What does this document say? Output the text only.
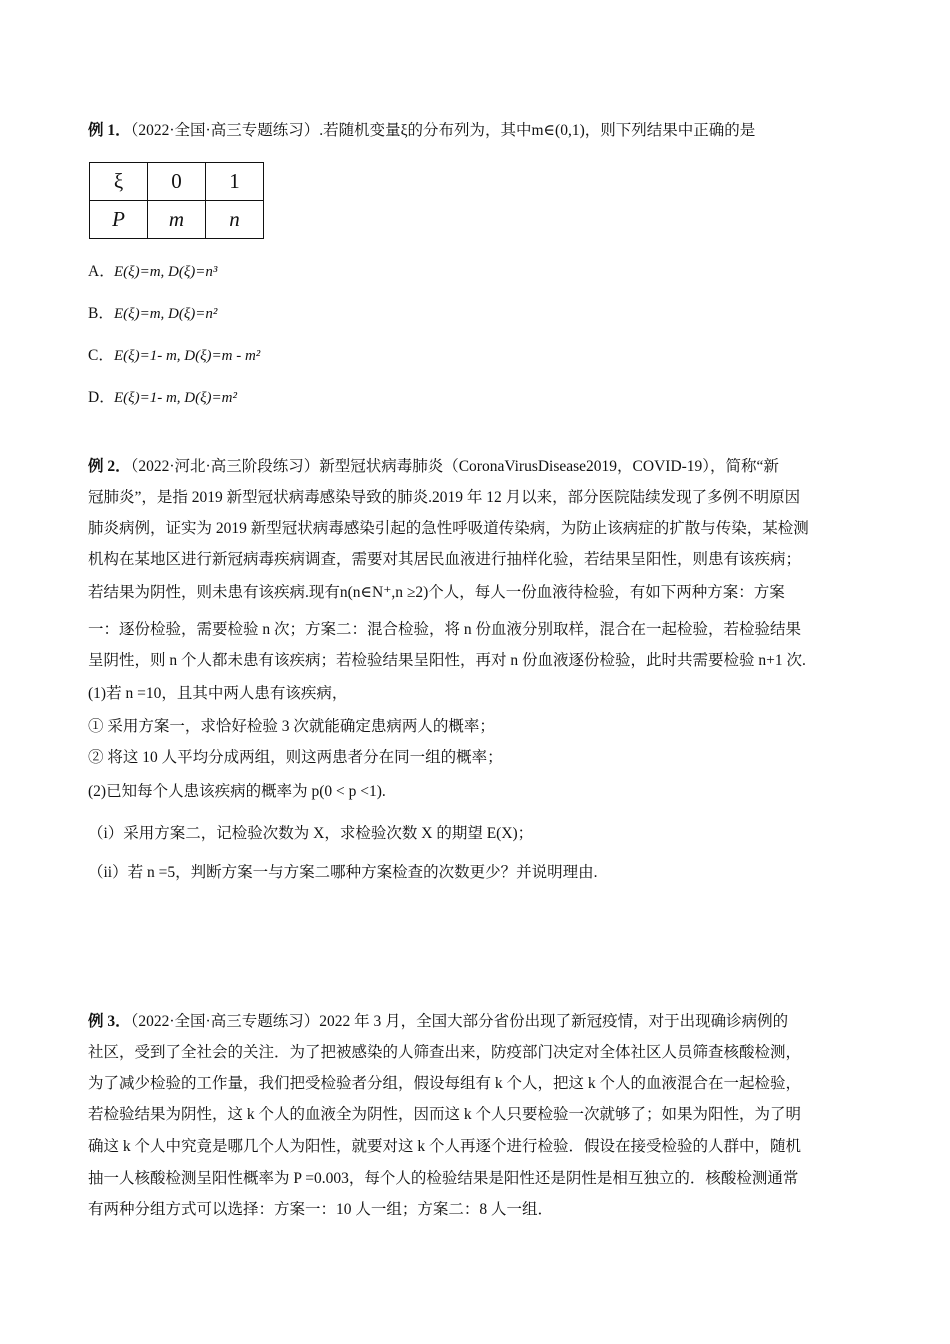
例 1．（2022·全国·高三专题练习）.若随机变量ξ的分布列为，其中m∈(0,1)，则下列结果中正确的是
ξ	0	1
P	m	n
A．E(ξ)=m, D(ξ)=n³
B．E(ξ)=m, D(ξ)=n²
C．E(ξ)=1- m, D(ξ)=m - m²
D．E(ξ)=1- m, D(ξ)=m²
例 2．（2022·河北·高三阶段练习）新型冠状病毒肺炎（CoronaVirusDisease2019，COVID-19），简称“新
冠肺炎”，是指 2019 新型冠状病毒感染导致的肺炎.2019 年 12 月以来，部分医院陆续发现了多例不明原因
肺炎病例，证实为 2019 新型冠状病毒感染引起的急性呼吸道传染病，为防止该病症的扩散与传染，某检测
机构在某地区进行新冠病毒疾病调查，需要对其居民血液进行抽样化验，若结果呈阳性，则患有该疾病；
若结果为阴性，则未患有该疾病.现有n(n∈N⁺,n ≥2)个人，每人一份血液待检验，有如下两种方案：方案
一：逐份检验，需要检验 n 次；方案二：混合检验，将 n 份血液分别取样，混合在一起检验，若检验结果
呈阴性，则 n 个人都未患有该疾病；若检验结果呈阳性，再对 n 份血液逐份检验，此时共需要检验 n+1 次.
(1)若 n =10，且其中两人患有该疾病，
① 采用方案一，求恰好检验 3 次就能确定患病两人的概率；
② 将这 10 人平均分成两组，则这两患者分在同一组的概率；
(2)已知每个人患该疾病的概率为 p(0 < p <1).
（i）采用方案二，记检验次数为 X，求检验次数 X 的期望 E(X)；
（ii）若 n =5，判断方案一与方案二哪种方案检查的次数更少？并说明理由.
例 3．（2022·全国·高三专题练习）2022 年 3 月，全国大部分省份出现了新冠疫情，对于出现确诊病例的
社区，受到了全社会的关注．为了把被感染的人筛查出来，防疫部门决定对全体社区人员筛查核酸检测，
为了减少检验的工作量，我们把受检验者分组，假设每组有 k 个人，把这 k 个人的血液混合在一起检验，
若检验结果为阴性，这 k 个人的血液全为阴性，因而这 k 个人只要检验一次就够了；如果为阳性，为了明
确这 k 个人中究竟是哪几个人为阳性，就要对这 k 个人再逐个进行检验．假设在接受检验的人群中，随机
抽一人核酸检测呈阳性概率为 P =0.003，每个人的检验结果是阳性还是阴性是相互独立的．核酸检测通常
有两种分组方式可以选择：方案一：10 人一组；方案二：8 人一组．
